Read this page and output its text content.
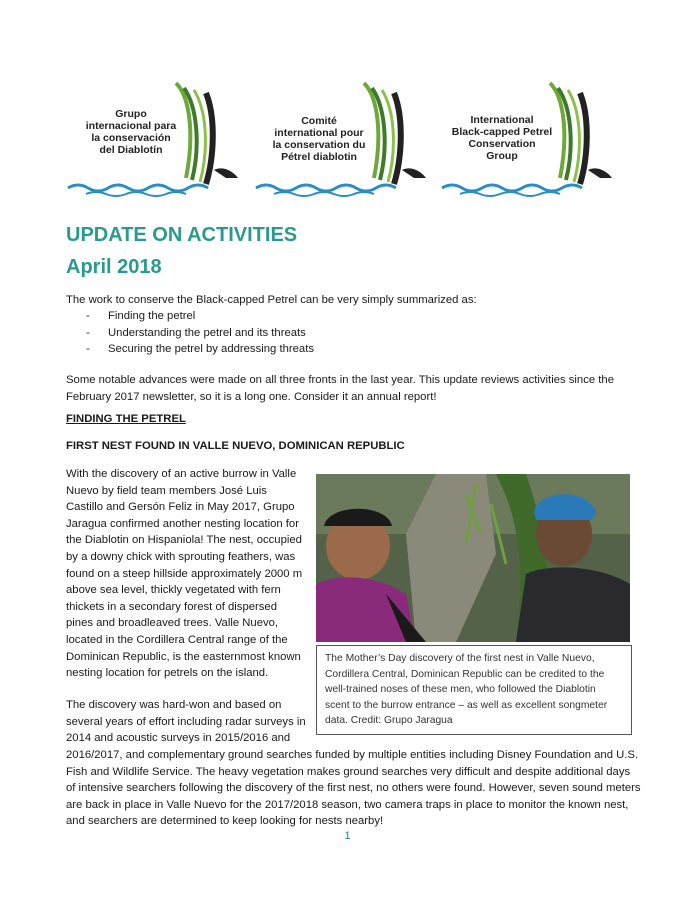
Grupo
internacional para
la conservación
del Diablotín
Comité
international pour
la conservation du
Pétrel diablotin
International
Black-capped Petrel
Conservation
Group
UPDATE ON ACTIVITIES
April 2018

The work to conserve the Black-capped Petrel can be very simply summarized as:

- Finding the petrel
- Understanding the petrel and its threats
- Securing the petrel by addressing threats

Some notable advances were made on all three fronts in the last year. This update reviews activities since the February 2017 newsletter, so it is a long one. Consider it an annual report!

FINDING THE PETREL

FIRST NEST FOUND IN VALLE NUEVO, DOMINICAN REPUBLIC

With the discovery of an active burrow in Valle Nuevo by field team members José Luis Castillo and Gersón Feliz in May 2017, Grupo Jaragua confirmed another nesting location for the Diablotin on Hispaniola! The nest, occupied by a downy chick with sprouting feathers, was found on a steep hillside approximately 2000 m above sea level, thickly vegetated with fern thickets in a secondary forest of dispersed pines and broadleaved trees. Valle Nuevo, located in the Cordillera Central range of the Dominican Republic, is the easternmost known nesting location for petrels on the island.

The discovery was hard-won and based on several years of effort including radar surveys in 2014 and acoustic surveys in 2015/2016 and

2016/2017, and complementary ground searches funded by multiple entities including Disney Foundation and U.S. Fish and Wildlife Service. The heavy vegetation makes ground searches very difficult and despite additional days of intensive searchers following the discovery of the first nest, no others were found. However, seven sound meters are back in place in Valle Nuevo for the 2017/2018 season, two camera traps in place to monitor the known nest, and searchers are determined to keep looking for nests nearby!

The Mother’s Day discovery of the first nest in Valle Nuevo, Cordillera Central, Dominican Republic can be credited to the well-trained noses of these men, who followed the Diablotin scent to the burrow entrance – as well as excellent songmeter data. Credit: Grupo Jaragua
1
